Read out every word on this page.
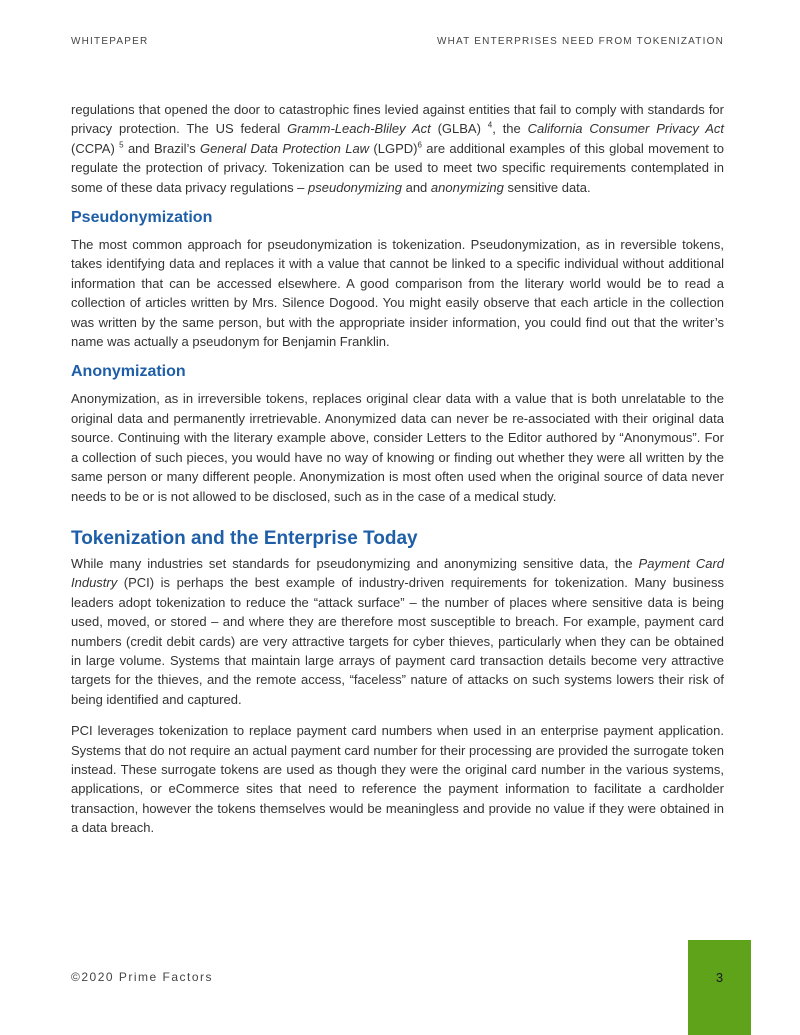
WHITEPAPER	WHAT ENTERPRISES NEED FROM TOKENIZATION

regulations that opened the door to catastrophic fines levied against entities that fail to comply with standards for privacy protection. The US federal Gramm-Leach-Bliley Act (GLBA) $^4$, the California Consumer Privacy Act (CCPA) $^5$ and Brazil’s General Data Protection Law (LGPD)$^6$ are additional examples of this global movement to regulate the protection of privacy. Tokenization can be used to meet two specific requirements contemplated in some of these data privacy regulations – pseudonymizing and anonymizing sensitive data.

Pseudonymization

The most common approach for pseudonymization is tokenization. Pseudonymization, as in reversible tokens, takes identifying data and replaces it with a value that cannot be linked to a specific individual without additional information that can be accessed elsewhere. A good comparison from the literary world would be to read a collection of articles written by Mrs. Silence Dogood. You might easily observe that each article in the collection was written by the same person, but with the appropriate insider information, you could find out that the writer’s name was actually a pseudonym for Benjamin Franklin.

Anonymization

Anonymization, as in irreversible tokens, replaces original clear data with a value that is both unrelatable to the original data and permanently irretrievable. Anonymized data can never be re-associated with their original data source. Continuing with the literary example above, consider Letters to the Editor authored by “Anonymous”. For a collection of such pieces, you would have no way of knowing or finding out whether they were all written by the same person or many different people. Anonymization is most often used when the original source of data never needs to be or is not allowed to be disclosed, such as in the case of a medical study.

Tokenization and the Enterprise Today

While many industries set standards for pseudonymizing and anonymizing sensitive data, the Payment Card Industry (PCI) is perhaps the best example of industry-driven requirements for tokenization. Many business leaders adopt tokenization to reduce the “attack surface” – the number of places where sensitive data is being used, moved, or stored – and where they are therefore most susceptible to breach. For example, payment card numbers (credit debit cards) are very attractive targets for cyber thieves, particularly when they can be obtained in large volume. Systems that maintain large arrays of payment card transaction details become very attractive targets for the thieves, and the remote access, “faceless” nature of attacks on such systems lowers their risk of being identified and captured.

PCI leverages tokenization to replace payment card numbers when used in an enterprise payment application. Systems that do not require an actual payment card number for their processing are provided the surrogate token instead. These surrogate tokens are used as though they were the original card number in the various systems, applications, or eCommerce sites that need to reference the payment information to facilitate a cardholder transaction, however the tokens themselves would be meaningless and provide no value if they were obtained in a data breach.

©2020 Prime Factors	3
